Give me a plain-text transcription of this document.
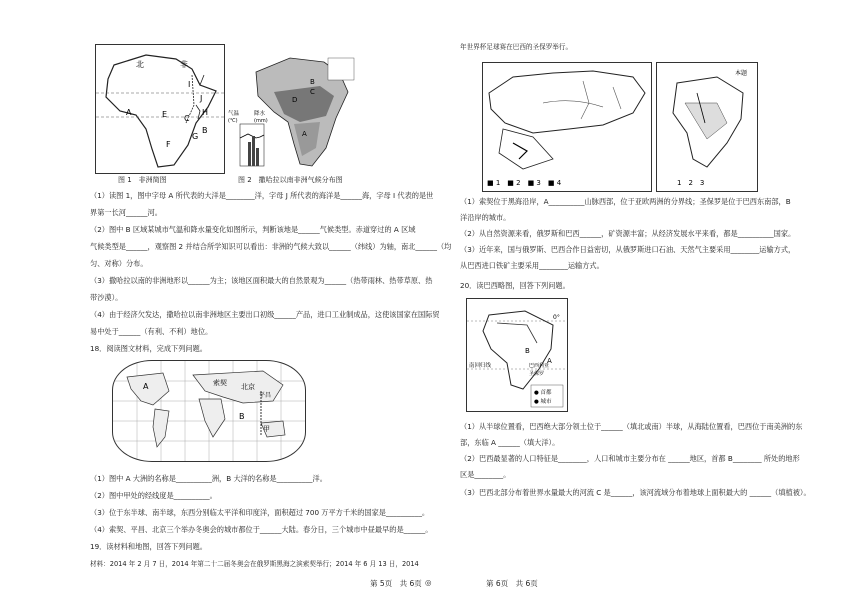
北	非
A	E C
H
I
J
F
B
G
图 1　非洲简图
气温	降水
(℃)	(mm)
C
D
B
A
图 2　撒哈拉以南非洲气候分布图
（1）读图 1，图中字母 A 所代表的大洋是________洋，字母 J 所代表的海洋是______海，字母 I 代表的是世
界第一长河______河。
（2）图中 B 区域某城市气温和降水量变化如图所示，判断该地是______气候类型。赤道穿过的 A 区域
气候类型是______，观察图 2 并结合所学知识可以看出：非洲的气候大致以______（纬线）为轴，南北______（均
匀、对称）分布。
（3）撒哈拉以南的非洲地形以______为主；该地区面积最大的自然景观为______（热带雨林、热带草原、热
带沙漠）。
（4）由于经济欠发达，撒哈拉以南非洲地区主要出口初级______产品，进口工业制成品，这使该国家在国际贸
易中处于______（有利、不利）地位。
18．阅读图文材料，完成下列问题。
A	索契 北京
B
平昌
甲
（1）图中 A 大洲的名称是__________洲，B 大洋的名称是__________洋。
（2）图中甲处的经线度是__________。
（3）位于东半球、南半球，东西分别临太平洋和印度洋，面积超过 700 万平方千米的国家是__________。
（4）索契、平昌、北京三个举办冬奥会的城市都位于______大陆。春分日，三个城市中昼最早的是______。
19．读材料和地图，回答下列问题。
材料：2014 年 2 月 7 日，2014 年第二十二届冬奥会在俄罗斯黑海之滨索契举行；2014 年 6 月 13 日，2014
年世界杯足球赛在巴西的圣保罗举行。
■ 1　■ 2　■ 3　■ 4
本题
1　2　3
（1）索契位于黑海沿岸，A__________山脉西部，位于亚欧两洲的分界线；圣保罗是位于巴西东南部，B
洋沿岸的城市。
（2）从自然资源来看，俄罗斯和巴西______，矿资源丰富；从经济发展水平来看，都是__________国家。
（3）近年来，国与俄罗斯、巴西合作日益密切，从俄罗斯进口石油、天然气主要采用________运输方式，
从巴西进口铁矿主要采用________运输方式。
20．读巴西略图，回答下列问题。
0°
A
B
南回归线
圣保罗
巴西利亚
● 首都
● 城市
（1）从半球位置看，巴西绝大部分领土位于______（填北或南）半球，从海陆位置看，巴西位于南美洲的东
部，东临 A ______（填大洋）。
（2）巴西最显著的人口特征是________，人口和城市主要分布在 ______地区，首都 B________ 所处的地形
区是________。
（3）巴西北部分布着世界水量最大的河流 C 是______，该河流域分布着地球上面积最大的 ______（填植被）。
第 5页　共 6页 ◎	第 6页　共 6页
